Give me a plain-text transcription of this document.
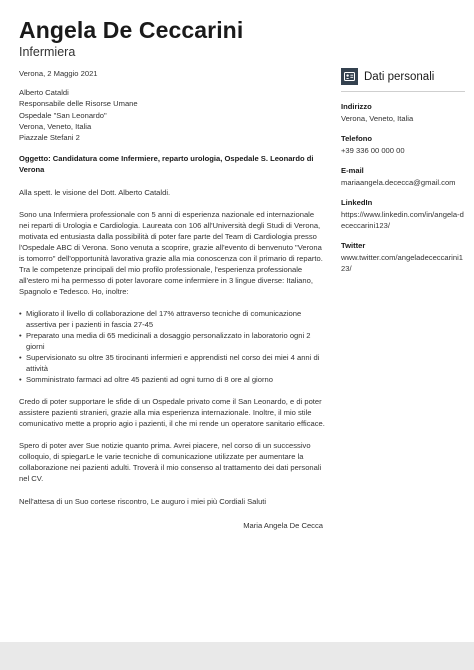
Angela De Ceccarini
Infermiera
Verona, 2 Maggio 2021
Alberto Cataldi
Responsabile delle Risorse Umane
Ospedale "San Leonardo"
Verona, Veneto, Italia
Piazzale Stefani 2
Oggetto: Candidatura come Infermiere, reparto urologia, Ospedale S. Leonardo di Verona
Alla spett. le visione del Dott. Alberto Cataldi.

Sono una Infermiera professionale con 5 anni di esperienza nazionale ed internazionale nei reparti di Urologia e Cardiologia. Laureata con 106 all'Università degli Studi di Verona, motivata ed entusiasta dalla possibilità di poter fare parte del Team di Cardiologia presso l'Ospedale ABC di Verona. Sono venuta a scoprire, grazie all'evento di benvenuto "Verona is tomorro" dell'opportunità lavorativa grazie alla mia conoscenza con il primario di reparto.

Tra le competenze principali del mio profilo professionale, l'esperienza professionale all'estero mi ha permesso di poter lavorare come infermiere in 3 lingue diverse: Italiano, Spagnolo e Tedesco. Ho, inoltre:

• Migliorato il livello di collaborazione del 17% attraverso tecniche di comunicazione assertiva per i pazienti in fascia 27-45
• Preparato una media di 65 medicinali a dosaggio personalizzato in laboratorio ogni 2 giorni
• Supervisionato su oltre 35 tirocinanti infermieri e apprendisti nel corso dei miei 4 anni di attività
• Somministrato farmaci ad oltre 45 pazienti ad ogni turno di 8 ore al giorno

Credo di poter supportare le sfide di un Ospedale privato come il San Leonardo, e di poter assistere pazienti stranieri, grazie alla mia esperienza internazionale. Inoltre, il mio stile comunicativo mette a proprio agio i pazienti, il che mi rende un operatore sanitario efficace.

Spero di poter aver Sue notizie quanto prima. Avrei piacere, nel corso di un successivo colloquio, di spiegarLe le varie tecniche di comunicazione utilizzate per aumentare la collaborazione nei pazienti adulti. Troverà il mio consenso al trattamento dei dati personali nel CV.

Nell'attesa di un Suo cortese riscontro, Le auguro i miei più Cordiali Saluti
Maria Angela De Cecca
Dati personali
Indirizzo
Verona, Veneto, Italia
Telefono
+39 336 00 000 00
E-mail
mariaangela.dececca@gmail.com
LinkedIn
https://www.linkedin.com/in/angela-dececcarini123/
Twitter
www.twitter.com/angeladececcarini123/
